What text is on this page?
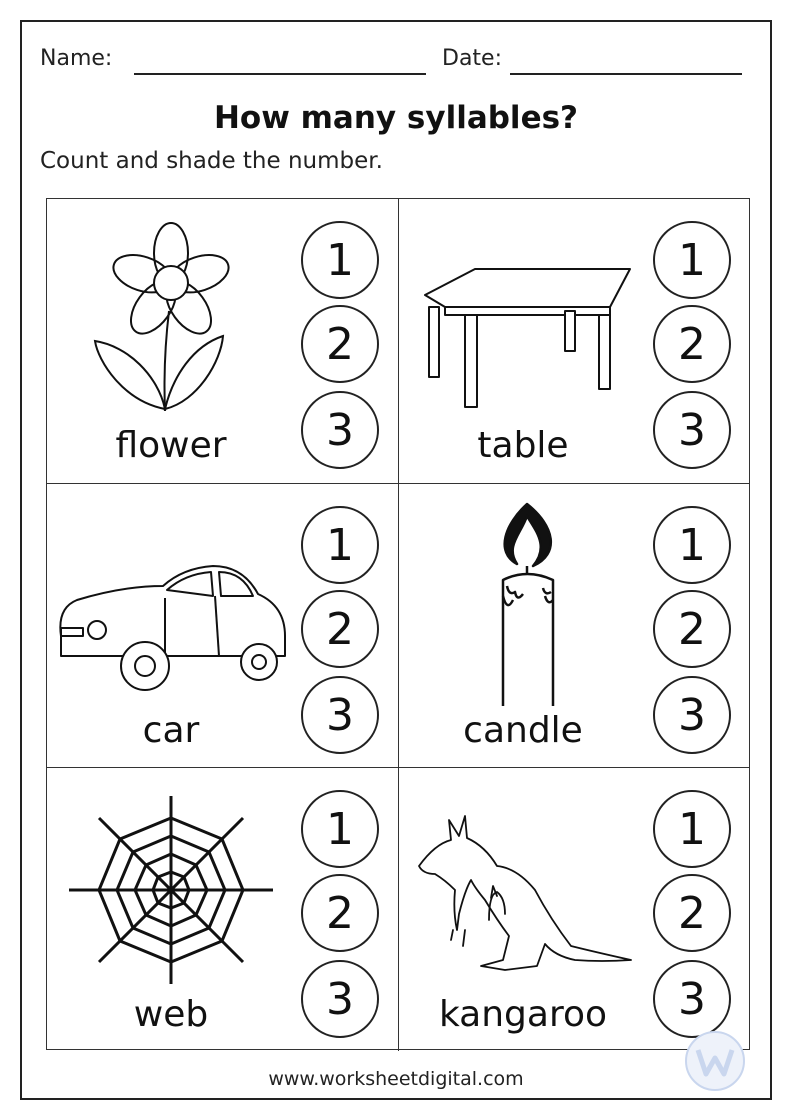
Name:	Date:
How many syllables?
Count and shade the number.
flower
1
2
3	table
1
2
3
car
1
2
3	candle
1
2
3
web
1
2
3	kangaroo
1
2
3
www.worksheetdigital.com
